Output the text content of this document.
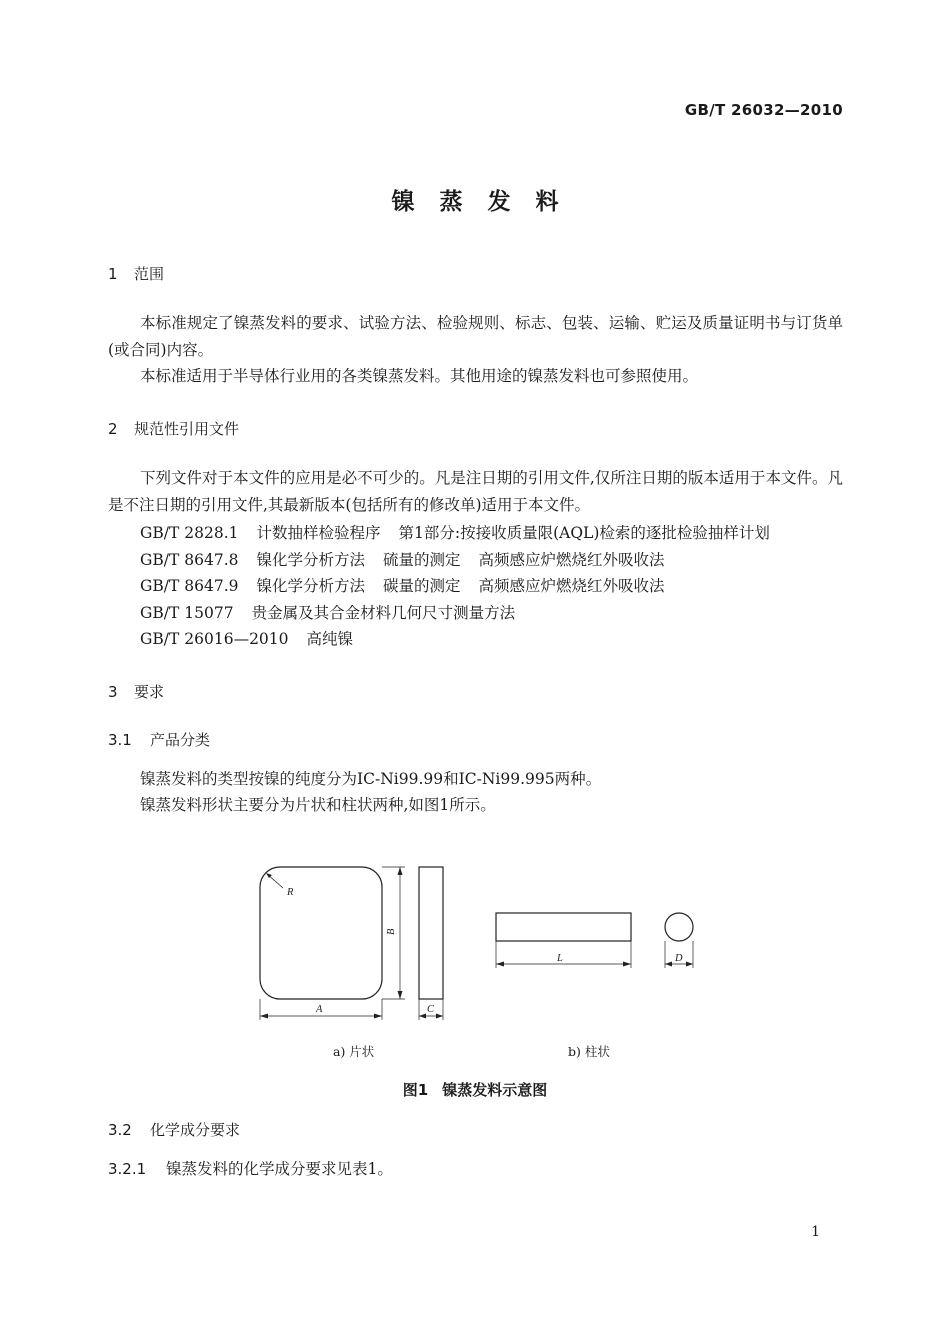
GB/T 26032—2010
镍蒸发料
1 范围
本标准规定了镍蒸发料的要求、试验方法、检验规则、标志、包装、运输、贮运及质量证明书与订货单(或合同)内容。
本标准适用于半导体行业用的各类镍蒸发料。其他用途的镍蒸发料也可参照使用。
2 规范性引用文件
下列文件对于本文件的应用是必不可少的。凡是注日期的引用文件,仅所注日期的版本适用于本文件。凡是不注日期的引用文件,其最新版本(包括所有的修改单)适用于本文件。
GB/T 2828.1 计数抽样检验程序 第1部分:按接收质量限(AQL)检索的逐批检验抽样计划
GB/T 8647.8 镍化学分析方法 硫量的测定 高频感应炉燃烧红外吸收法
GB/T 8647.9 镍化学分析方法 碳量的测定 高频感应炉燃烧红外吸收法
GB/T 15077 贵金属及其合金材料几何尺寸测量方法
GB/T 26016—2010 高纯镍
3 要求
3.1 产品分类
镍蒸发料的类型按镍的纯度分为IC-Ni99.99和IC-Ni99.995两种。
镍蒸发料形状主要分为片状和柱状两种,如图1所示。
R
A
B
C
L	D
a) 片状	b) 柱状
图1 镍蒸发料示意图
3.2 化学成分要求
3.2.1 镍蒸发料的化学成分要求见表1。
1
